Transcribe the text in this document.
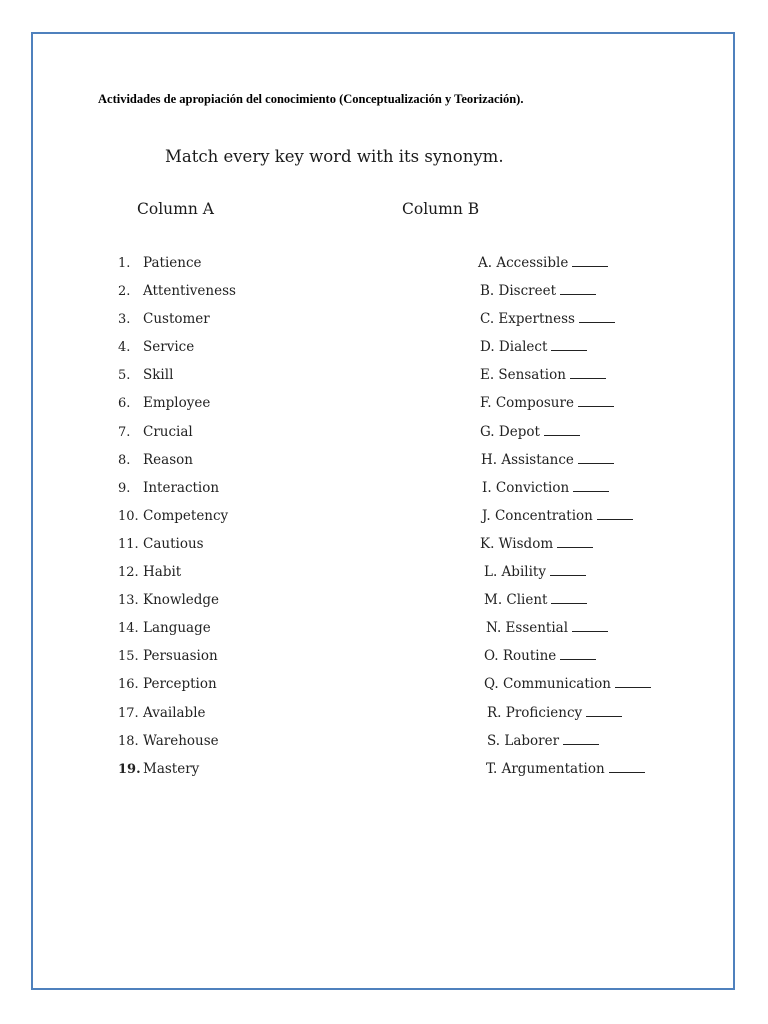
Actividades de apropiación del conocimiento (Conceptualización y Teorización).
Match every key word with its synonym.
Column A	Column B
1. Patience
2. Attentiveness
3. Customer
4. Service
5. Skill
6. Employee
7. Crucial
8. Reason
9. Interaction
10. Competency
11. Cautious
12. Habit
13. Knowledge
14. Language
15. Persuasion
16. Perception
17. Available
18. Warehouse
19. Mastery
A. Accessible
B. Discreet
C. Expertness
D. Dialect
E. Sensation
F. Composure
G. Depot
H. Assistance
I. Conviction
J. Concentration
K. Wisdom
L. Ability
M. Client
N. Essential
O. Routine
Q. Communication
R. Proficiency
S. Laborer
T. Argumentation
